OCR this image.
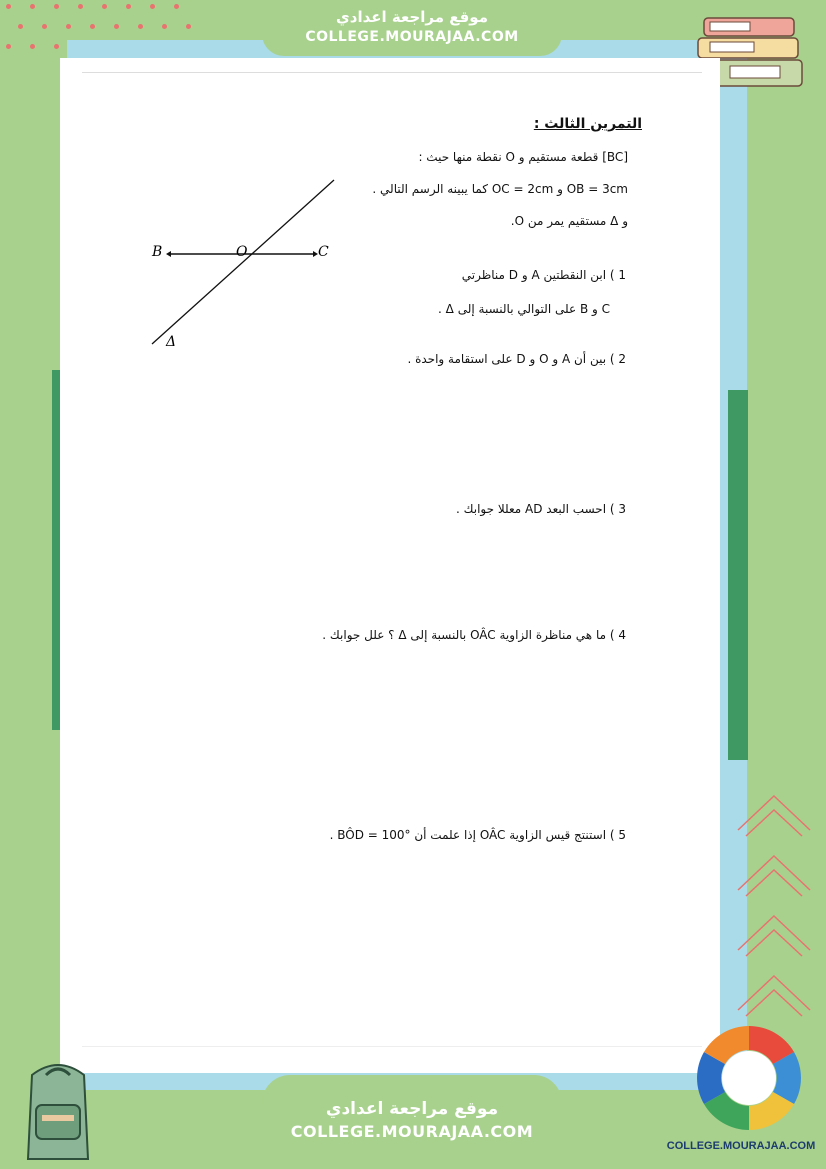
موقع مراجعة اعدادي
COLLEGE.MOURAJAA.COM
التمرين الثالث :
[BC] قطعة مستقيم و O نقطة منها حيث :
OB = 3cm و OC = 2cm كما يبينه الرسم التالي .
و Δ مستقيم يمر من O.
B	O	C
Δ
1 ) ابن النقطتين A و D مناظرتي
C و B على التوالي بالنسبة إلى Δ .
2 ) بين أن A و O و D على استقامة واحدة .
3 ) احسب البعد AD معللا جوابك .
4 ) ما هي مناظرة الزاوية OÂC بالنسبة إلى Δ ؟ علل جوابك .
5 ) استنتج قيس الزاوية OÂC إذا علمت أن BÔD = 100° .
موقع مراجعة اعدادي
COLLEGE.MOURAJAA.COM
COLLEGE.MOURAJAA.COM
